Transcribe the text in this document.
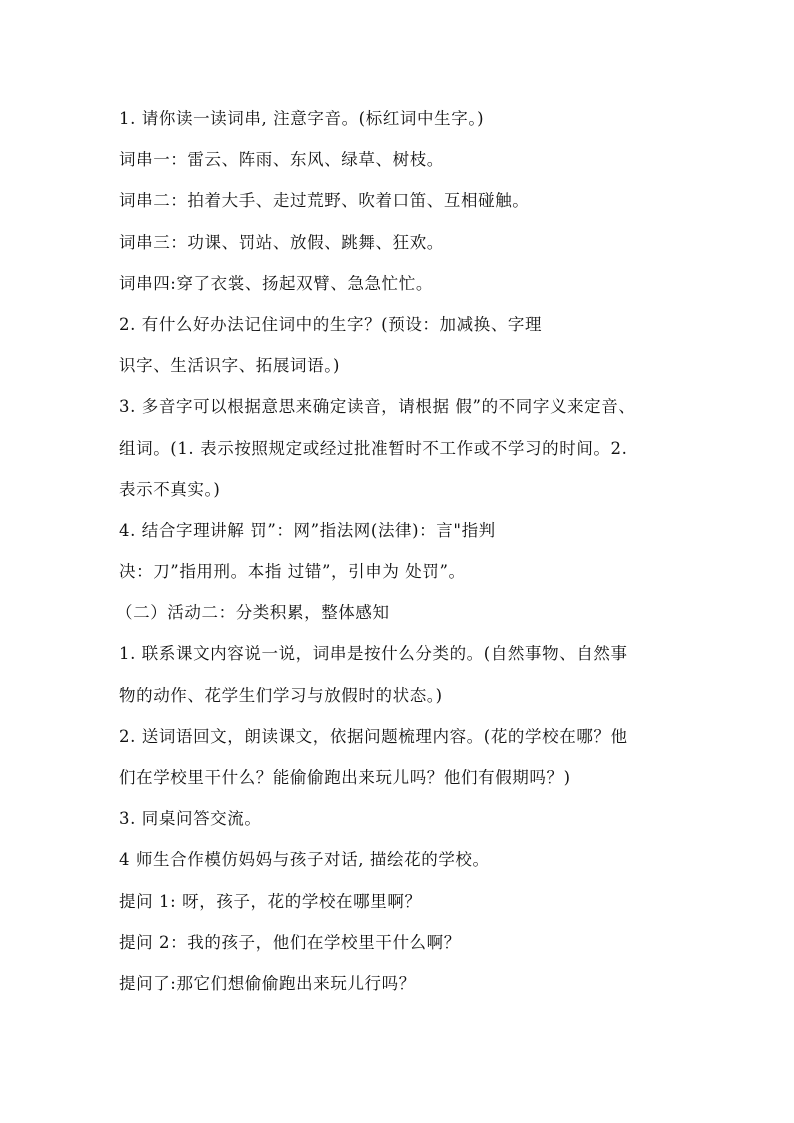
1. 请你读一读词串, 注意字音。(标红词中生字。)
词串一：雷云、阵雨、东风、绿草、树枝。
词串二：拍着大手、走过荒野、吹着口笛、互相碰触。
词串三：功课、罚站、放假、跳舞、狂欢。
词串四:穿了衣裳、扬起双臂、急急忙忙。
2. 有什么好办法记住词中的生字？(预设：加减换、字理
识字、生活识字、拓展词语。)
3. 多音字可以根据意思来确定读音，请根据 假”的不同字义来定音、
组词。(1. 表示按照规定或经过批准暂时不工作或不学习的时间。2.
表示不真实。)
4. 结合字理讲解 罚”：网”指法网(法律)：言"指判
决：刀”指用刑。本指 过错”，引申为 处罚”。
（二）活动二：分类积累，整体感知
1. 联系课文内容说一说，词串是按什么分类的。(自然事物、自然事
物的动作、花学生们学习与放假时的状态。)
2. 送词语回文，朗读课文，依据问题梳理内容。(花的学校在哪？他
们在学校里干什么？能偷偷跑出来玩儿吗？他们有假期吗？)
3. 同桌问答交流。
4 师生合作模仿妈妈与孩子对话, 描绘花的学校。
提问 1: 呀，孩子，花的学校在哪里啊？
提问 2：我的孩子，他们在学校里干什么啊？
提问了:那它们想偷偷跑出来玩儿行吗？
